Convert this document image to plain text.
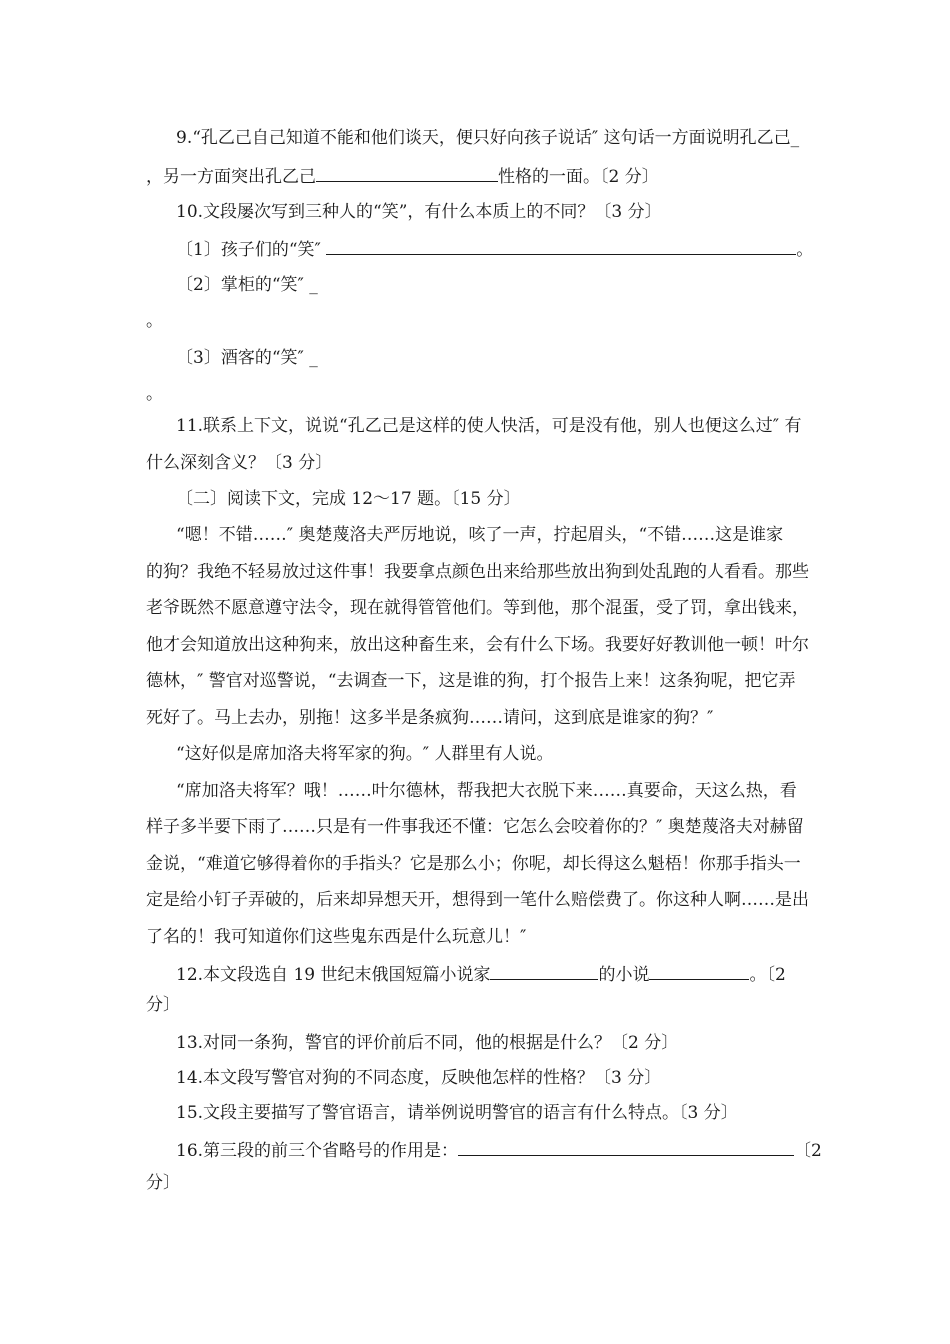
9.“孔乙己自己知道不能和他们谈天，便只好向孩子说话″ 这句话一方面说明孔乙己_

，另一方面突出孔乙己	性格的一面。〔2 分〕

10.文段屡次写到三种人的“笑”，有什么本质上的不同？〔3 分〕

〔1〕孩子们的“笑″	。

〔2〕掌柜的“笑″ _

。

〔3〕酒客的“笑″ _

。

11.联系上下文，说说“孔乙己是这样的使人快活，可是没有他，别人也便这么过″ 有

什么深刻含义？〔3 分〕

〔二〕阅读下文，完成 12～17 题。〔15 分〕

“嗯！不错……″ 奥楚蔑洛夫严厉地说，咳了一声，拧起眉头，“不错……这是谁家

的狗？我绝不轻易放过这件事！我要拿点颜色出来给那些放出狗到处乱跑的人看看。那些

老爷既然不愿意遵守法令，现在就得管管他们。等到他，那个混蛋，受了罚，拿出钱来，

他才会知道放出这种狗来，放出这种畜生来，会有什么下场。我要好好教训他一顿！叶尔

德林，″ 警官对巡警说，“去调查一下，这是谁的狗，打个报告上来！这条狗呢，把它弄

死好了。马上去办，别拖！这多半是条疯狗……请问，这到底是谁家的狗？″

“这好似是席加洛夫将军家的狗。″ 人群里有人说。

“席加洛夫将军？哦！……叶尔德林，帮我把大衣脱下来……真要命，天这么热，看

样子多半要下雨了……只是有一件事我还不懂：它怎么会咬着你的？″ 奥楚蔑洛夫对赫留

金说，“难道它够得着你的手指头？它是那么小；你呢，却长得这么魁梧！你那手指头一

定是给小钉子弄破的，后来却异想天开，想得到一笔什么赔偿费了。你这种人啊……是出

了名的！我可知道你们这些鬼东西是什么玩意儿！″

12.本文段选自 19 世纪末俄国短篇小说家	的小说	。〔2

分〕

13.对同一条狗，警官的评价前后不同，他的根据是什么？〔2 分〕

14.本文段写警官对狗的不同态度，反映他怎样的性格？〔3 分〕

15.文段主要描写了警官语言，请举例说明警官的语言有什么特点。〔3 分〕

16.第三段的前三个省略号的作用是：	〔2

分〕
